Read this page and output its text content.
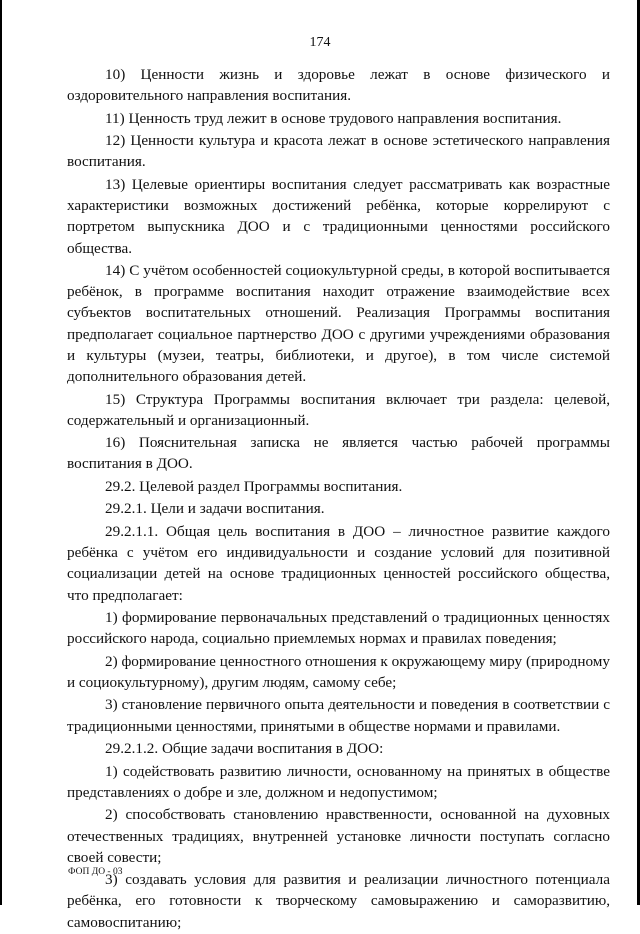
174

10) Ценности жизнь и здоровье лежат в основе физического и оздоровительного направления воспитания.

11) Ценность труд лежит в основе трудового направления воспитания.

12) Ценности культура и красота лежат в основе эстетического направления воспитания.

13) Целевые ориентиры воспитания следует рассматривать как возрастные характеристики возможных достижений ребёнка, которые коррелируют с портретом выпускника ДОО и с традиционными ценностями российского общества.

14) С учётом особенностей социокультурной среды, в которой воспитывается ребёнок, в программе воспитания находит отражение взаимодействие всех субъектов воспитательных отношений. Реализация Программы воспитания предполагает социальное партнерство ДОО с другими учреждениями образования и культуры (музеи, театры, библиотеки, и другое), в том числе системой дополнительного образования детей.

15) Структура Программы воспитания включает три раздела: целевой, содержательный и организационный.

16) Пояснительная записка не является частью рабочей программы воспитания в ДОО.

29.2. Целевой раздел Программы воспитания.

29.2.1. Цели и задачи воспитания.

29.2.1.1. Общая цель воспитания в ДОО – личностное развитие каждого ребёнка с учётом его индивидуальности и создание условий для позитивной социализации детей на основе традиционных ценностей российского общества, что предполагает:

1) формирование первоначальных представлений о традиционных ценностях российского народа, социально приемлемых нормах и правилах поведения;

2) формирование ценностного отношения к окружающему миру (природному и социокультурному), другим людям, самому себе;

3) становление первичного опыта деятельности и поведения в соответствии с традиционными ценностями, принятыми в обществе нормами и правилами.

29.2.1.2. Общие задачи воспитания в ДОО:

1) содействовать развитию личности, основанному на принятых в обществе представлениях о добре и зле, должном и недопустимом;

2) способствовать становлению нравственности, основанной на духовных отечественных традициях, внутренней установке личности поступать согласно своей совести;

3) создавать условия для развития и реализации личностного потенциала ребёнка, его готовности к творческому самовыражению и саморазвитию, самовоспитанию;

ФОП ДО - 03
